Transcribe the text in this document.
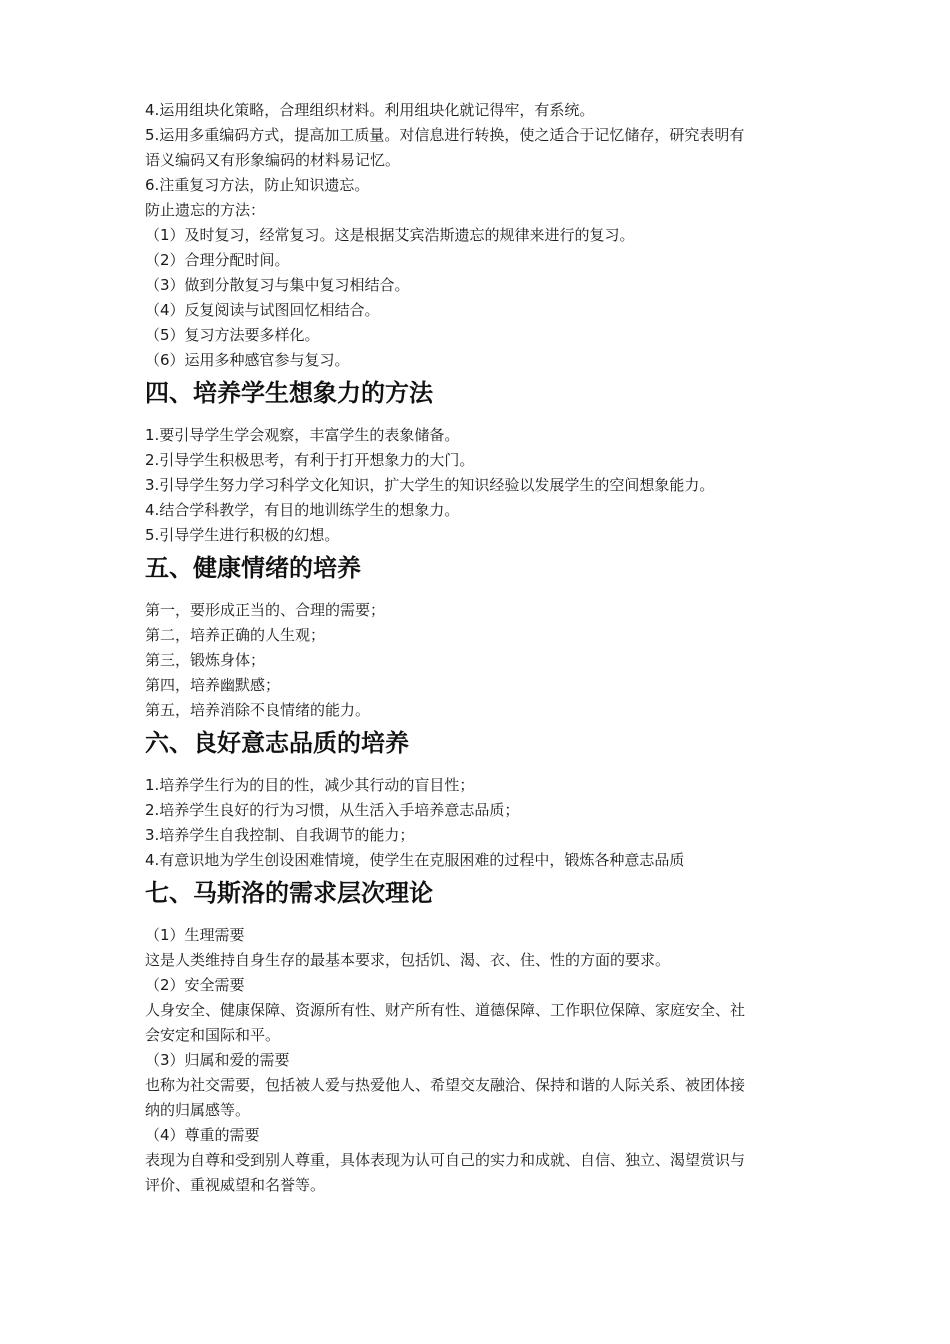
4.运用组块化策略，合理组织材料。利用组块化就记得牢，有系统。

5.运用多重编码方式，提高加工质量。对信息进行转换，使之适合于记忆储存，研究表明有

语义编码又有形象编码的材料易记忆。

6.注重复习方法，防止知识遗忘。

防止遗忘的方法：

（1）及时复习，经常复习。这是根据艾宾浩斯遗忘的规律来进行的复习。

（2）合理分配时间。

（3）做到分散复习与集中复习相结合。

（4）反复阅读与试图回忆相结合。

（5）复习方法要多样化。

（6）运用多种感官参与复习。

四、培养学生想象力的方法

1.要引导学生学会观察，丰富学生的表象储备。

2.引导学生积极思考，有利于打开想象力的大门。

3.引导学生努力学习科学文化知识，扩大学生的知识经验以发展学生的空间想象能力。

4.结合学科教学，有目的地训练学生的想象力。

5.引导学生进行积极的幻想。

五、健康情绪的培养

第一，要形成正当的、合理的需要；

第二，培养正确的人生观；

第三，锻炼身体；

第四，培养幽默感；

第五，培养消除不良情绪的能力。

六、良好意志品质的培养

1.培养学生行为的目的性，减少其行动的盲目性；

2.培养学生良好的行为习惯，从生活入手培养意志品质；

3.培养学生自我控制、自我调节的能力；

4.有意识地为学生创设困难情境，使学生在克服困难的过程中，锻炼各种意志品质

七、马斯洛的需求层次理论

（1）生理需要

这是人类维持自身生存的最基本要求，包括饥、渴、衣、住、性的方面的要求。

（2）安全需要

人身安全、健康保障、资源所有性、财产所有性、道德保障、工作职位保障、家庭安全、社

会安定和国际和平。

（3）归属和爱的需要

也称为社交需要，包括被人爱与热爱他人、希望交友融洽、保持和谐的人际关系、被团体接

纳的归属感等。

（4）尊重的需要

表现为自尊和受到别人尊重，具体表现为认可自己的实力和成就、自信、独立、渴望赏识与

评价、重视威望和名誉等。
